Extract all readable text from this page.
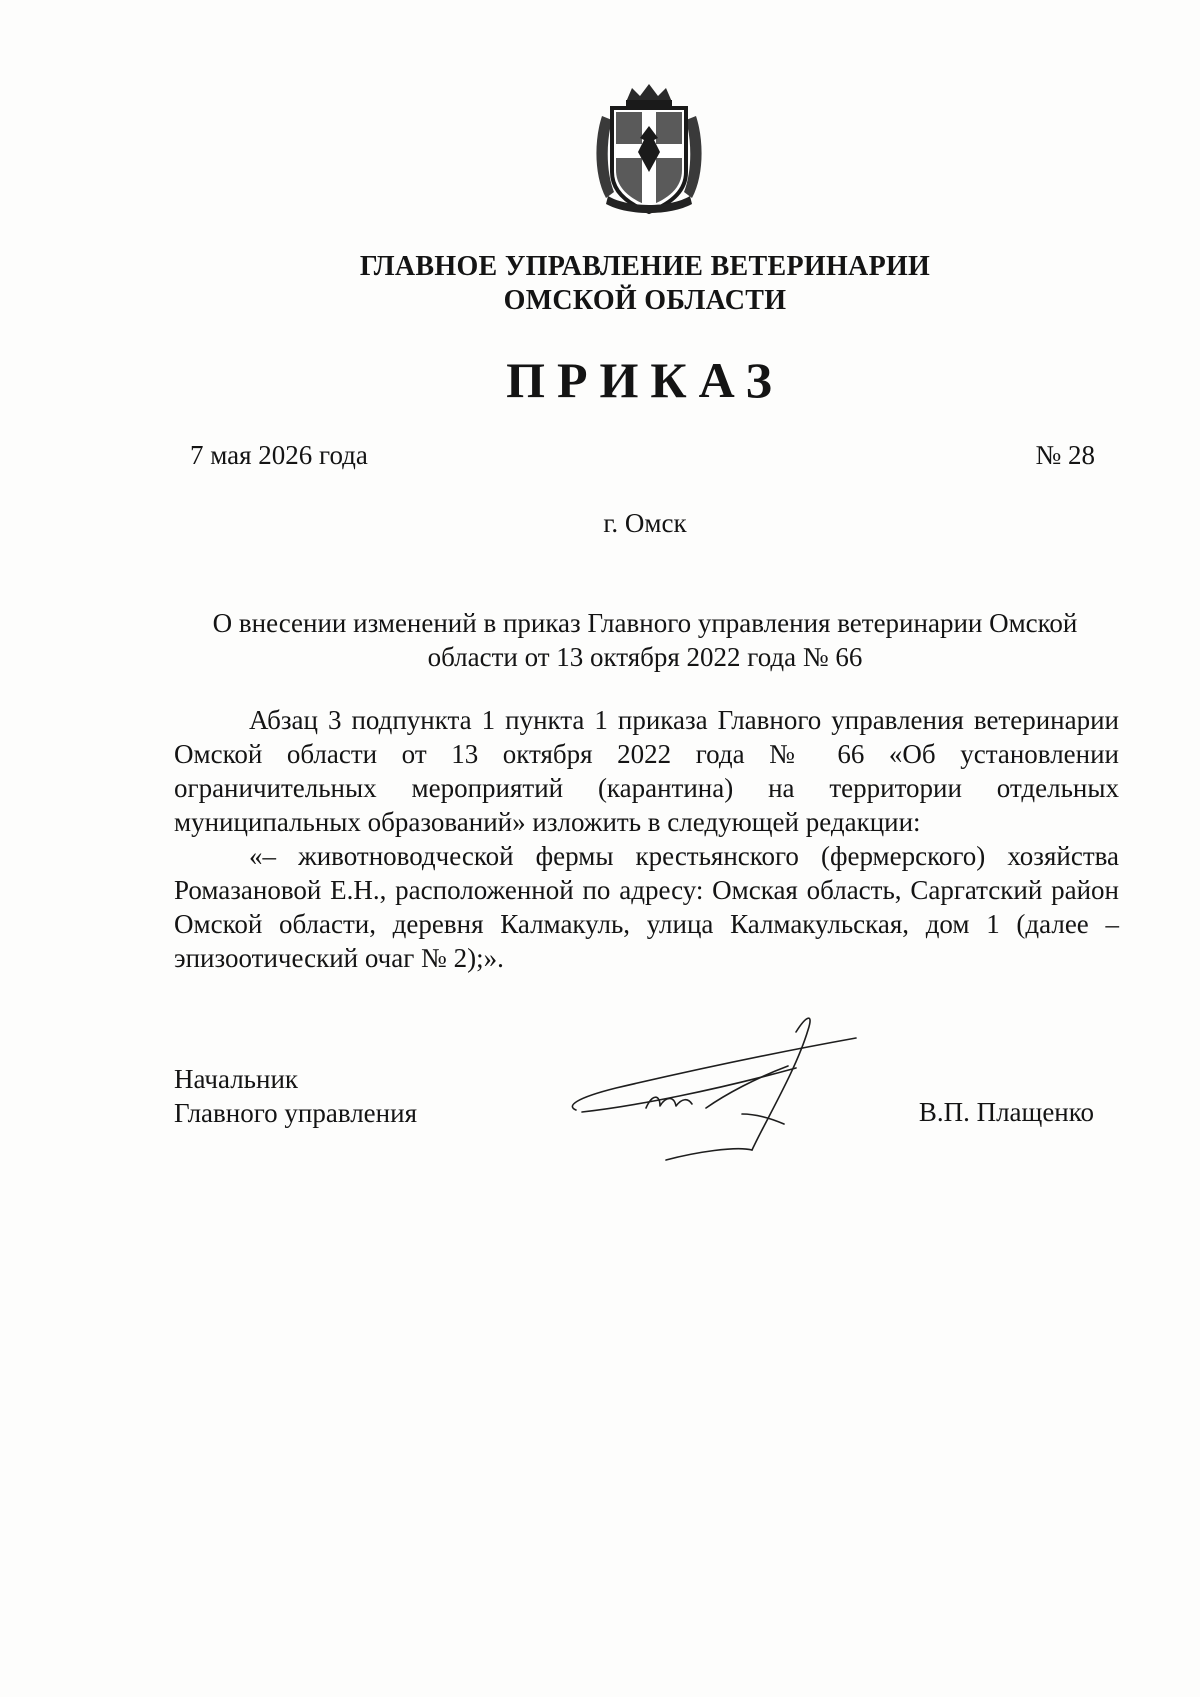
ГЛАВНОЕ УПРАВЛЕНИЕ ВЕТЕРИНАРИИ
ОМСКОЙ ОБЛАСТИ
ПРИКАЗ
7 мая 2026 года	№ 28
г. Омск
О внесении изменений в приказ Главного управления ветеринарии Омской области от 13 октября 2022 года № 66

Абзац 3 подпункта 1 пункта 1 приказа Главного управления ветеринарии Омской области от 13 октября 2022 года № 66 «Об установлении ограничительных мероприятий (карантина) на территории отдельных муниципальных образований» изложить в следующей редакции:

«– животноводческой фермы крестьянского (фермерского) хозяйства Ромазановой Е.Н., расположенной по адресу: Омская область, Саргатский район Омской области, деревня Калмакуль, улица Калмакульская, дом 1 (далее – эпизоотический очаг № 2);».

Начальник
Главного управления	В.П. Плащенко
